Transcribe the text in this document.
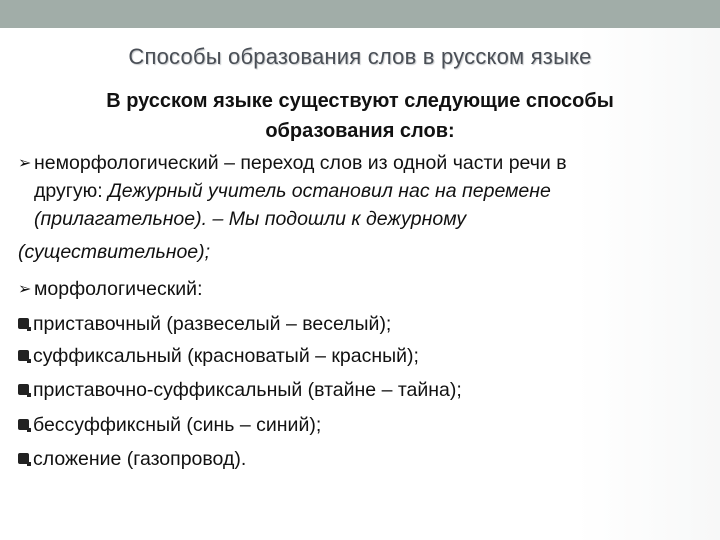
Способы образования слов в русском языке
В русском языке существуют следующие способы образования слов:
➢ неморфологический – переход слов из одной части речи в
другую: Дежурный учитель остановил нас на перемене
(прилагательное). – Мы подошли к дежурному
(существительное);
➢ морфологический:
приставочный (развеселый – веселый);
суффиксальный (красноватый – красный);
приставочно-суффиксальный (втайне – тайна);
бессуффиксный (синь – синий);
сложение (газопровод).
